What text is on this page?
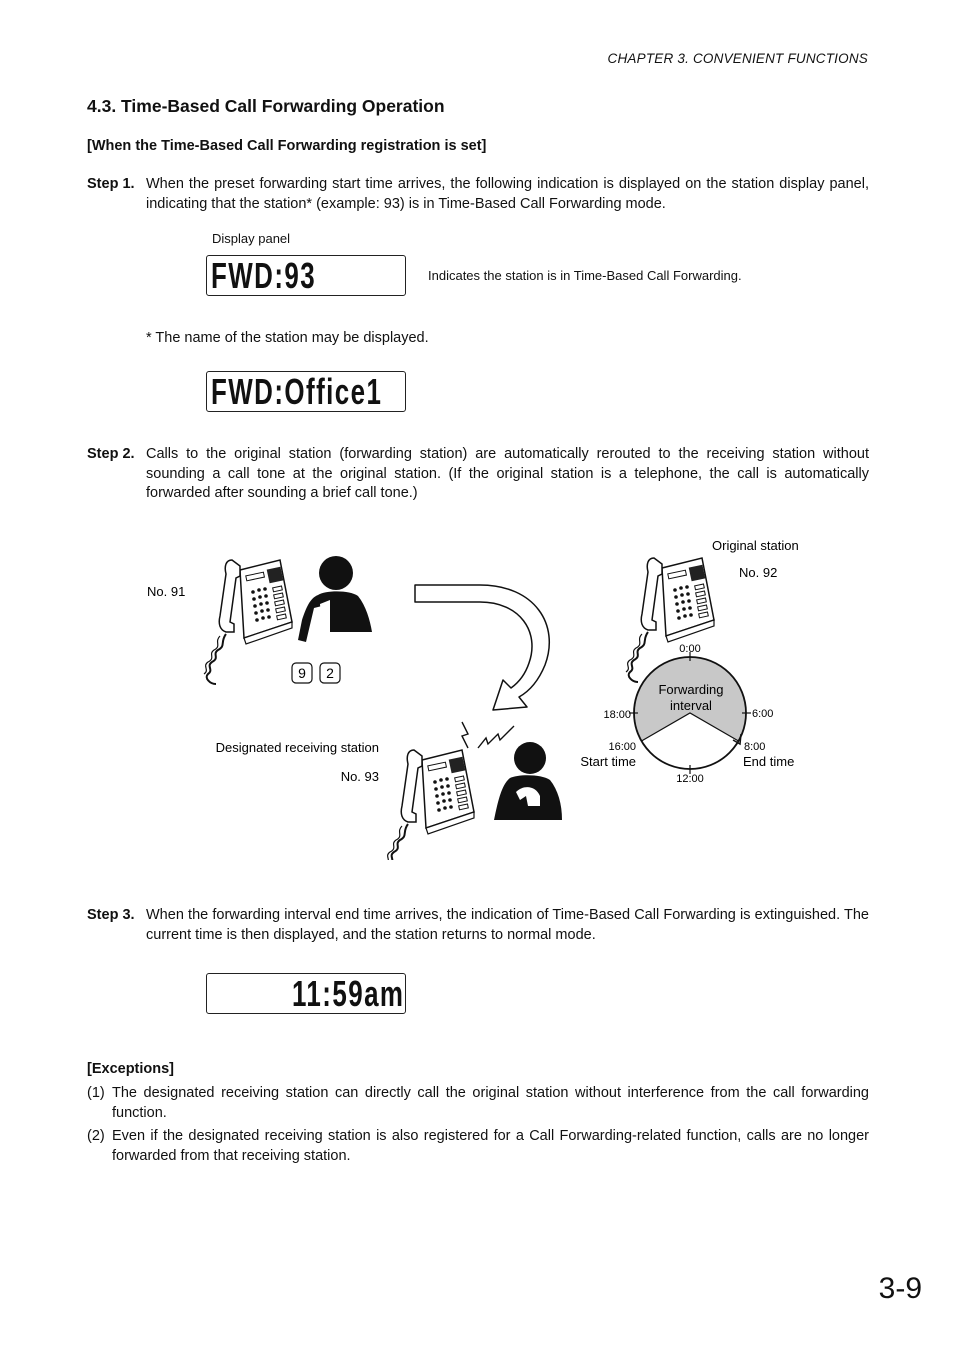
CHAPTER 3. CONVENIENT FUNCTIONS
4.3. Time-Based Call Forwarding Operation
[When the Time-Based Call Forwarding registration is set]
Step 1. When the preset forwarding start time arrives, the following indication is displayed on the station display panel, indicating that the station* (example: 93) is in Time-Based Call Forwarding mode.
Display panel
FWD:93	Indicates the station is in Time-Based Call Forwarding.
* The name of the station may be displayed.
FWD:Office1
Step 2. Calls to the original station (forwarding station) are automatically rerouted to the receiving station without sounding a call tone at the original station. (If the original station is a telephone, the call is automatically forwarded after sounding a brief call tone.)
9 2
No. 91
Original station
No. 92
Designated receiving station
No. 93
0:00
6:00
12:00
18:00
16:00	8:00
Start time	End time
Forwarding
interval
Step 3. When the forwarding interval end time arrives, the indication of Time-Based Call Forwarding is extinguished. The current time is then displayed, and the station returns to normal mode.
11:59am
[Exceptions]
(1) The designated receiving station can directly call the original station without interference from the call forwarding function.
(2) Even if the designated receiving station is also registered for a Call Forwarding-related function, calls are no longer forwarded from that receiving station.
3-9
